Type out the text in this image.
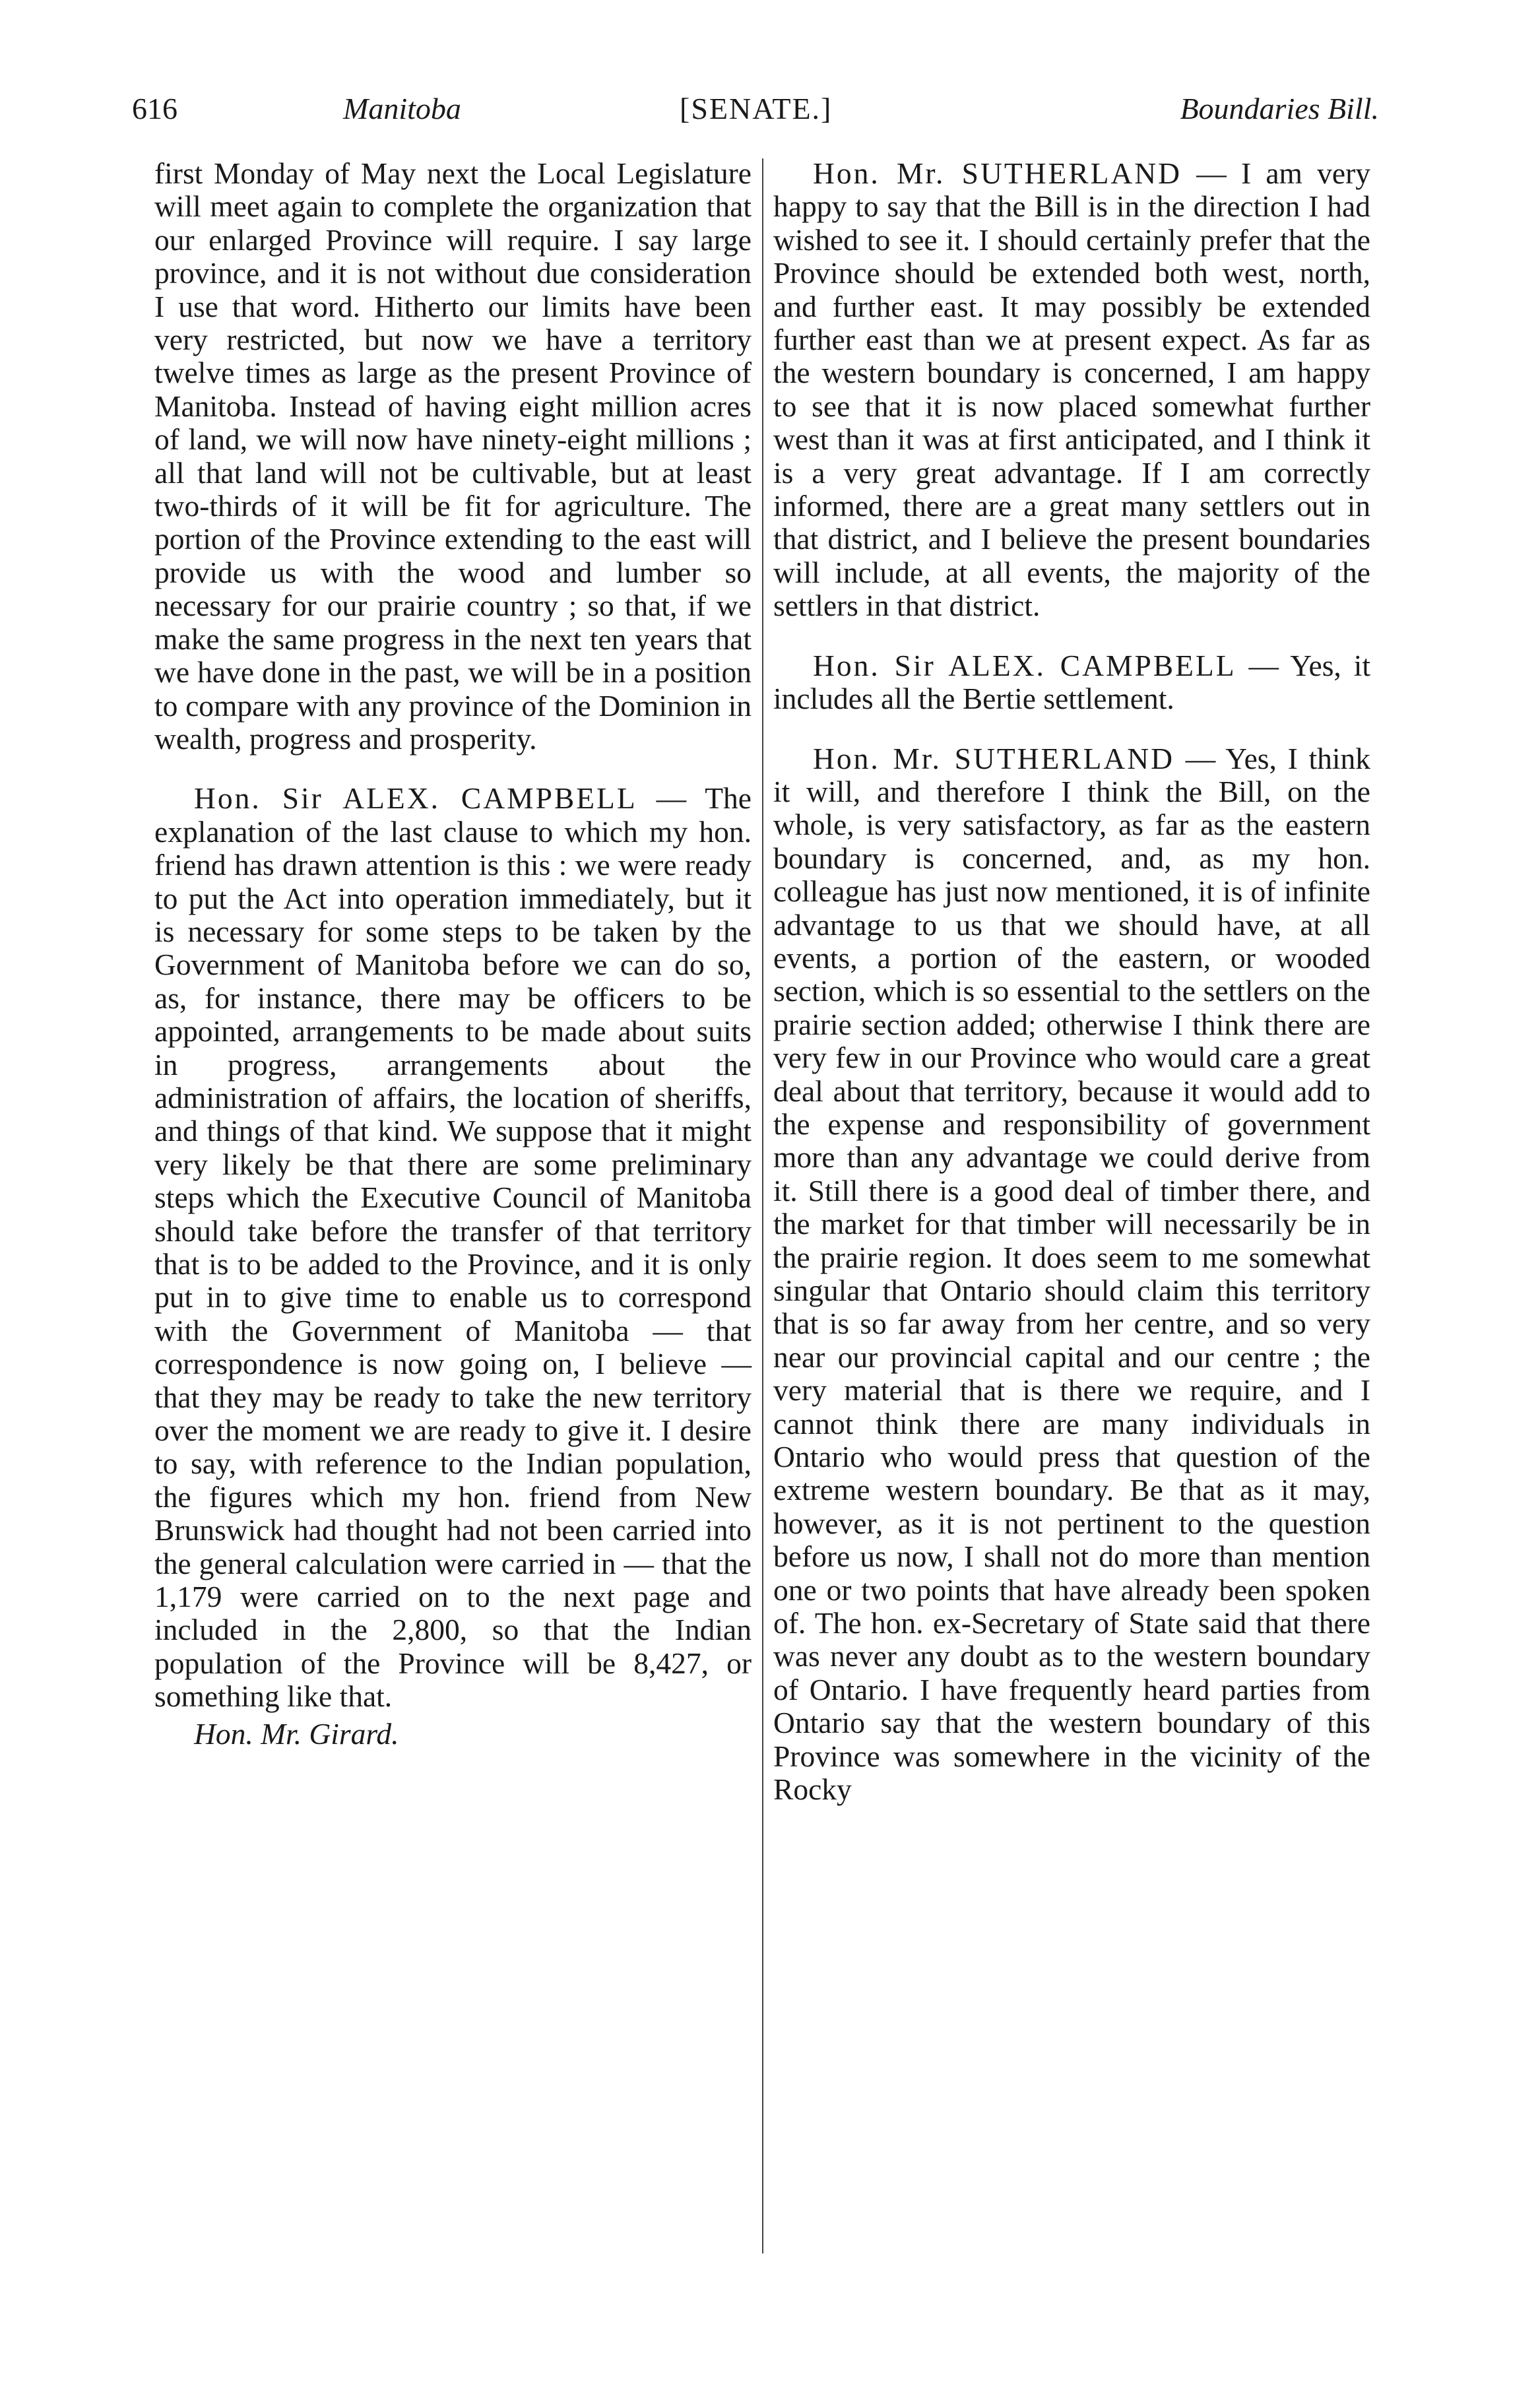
616	Manitoba	[SENATE.]	Boundaries Bill.

first Monday of May next the Local Legislature will meet again to complete the organization that our enlarged Province will require. I say large province, and it is not without due consideration I use that word. Hitherto our limits have been very restricted, but now we have a territory twelve times as large as the present Province of Manitoba. Instead of having eight million acres of land, we will now have ninety-eight millions ; all that land will not be cultivable, but at least two-thirds of it will be fit for agriculture. The portion of the Province extending to the east will provide us with the wood and lumber so necessary for our prairie country ; so that, if we make the same progress in the next ten years that we have done in the past, we will be in a position to compare with any province of the Dominion in wealth, progress and prosperity.

Hon. Sir ALEX. CAMPBELL — The explanation of the last clause to which my hon. friend has drawn attention is this : we were ready to put the Act into operation immediately, but it is necessary for some steps to be taken by the Government of Manitoba before we can do so, as, for instance, there may be officers to be appointed, arrangements to be made about suits in progress, arrangements about the administration of affairs, the location of sheriffs, and things of that kind. We suppose that it might very likely be that there are some preliminary steps which the Executive Council of Manitoba should take before the transfer of that territory that is to be added to the Province, and it is only put in to give time to enable us to correspond with the Government of Manitoba — that correspondence is now going on, I believe — that they may be ready to take the new territory over the moment we are ready to give it. I desire to say, with reference to the Indian population, the figures which my hon. friend from New Brunswick had thought had not been carried into the general calculation were carried in — that the 1,179 were carried on to the next page and included in the 2,800, so that the Indian population of the Province will be 8,427, or something like that.

Hon. Mr. Girard.

Hon. Mr. SUTHERLAND — I am very happy to say that the Bill is in the direction I had wished to see it. I should certainly prefer that the Province should be extended both west, north, and further east. It may possibly be extended further east than we at present expect. As far as the western boundary is concerned, I am happy to see that it is now placed somewhat further west than it was at first anticipated, and I think it is a very great advantage. If I am correctly informed, there are a great many settlers out in that district, and I believe the present boundaries will include, at all events, the majority of the settlers in that district.

Hon. Sir ALEX. CAMPBELL — Yes, it includes all the Bertie settlement.

Hon. Mr. SUTHERLAND — Yes, I think it will, and therefore I think the Bill, on the whole, is very satisfactory, as far as the eastern boundary is concerned, and, as my hon. colleague has just now mentioned, it is of infinite advantage to us that we should have, at all events, a portion of the eastern, or wooded section, which is so essential to the settlers on the prairie section added; otherwise I think there are very few in our Province who would care a great deal about that territory, because it would add to the expense and responsibility of government more than any advantage we could derive from it. Still there is a good deal of timber there, and the market for that timber will necessarily be in the prairie region. It does seem to me somewhat singular that Ontario should claim this territory that is so far away from her centre, and so very near our provincial capital and our centre ; the very material that is there we require, and I cannot think there are many individuals in Ontario who would press that question of the extreme western boundary. Be that as it may, however, as it is not pertinent to the question before us now, I shall not do more than mention one or two points that have already been spoken of. The hon. ex-Secretary of State said that there was never any doubt as to the western boundary of Ontario. I have frequently heard parties from Ontario say that the western boundary of this Province was somewhere in the vicinity of the Rocky
